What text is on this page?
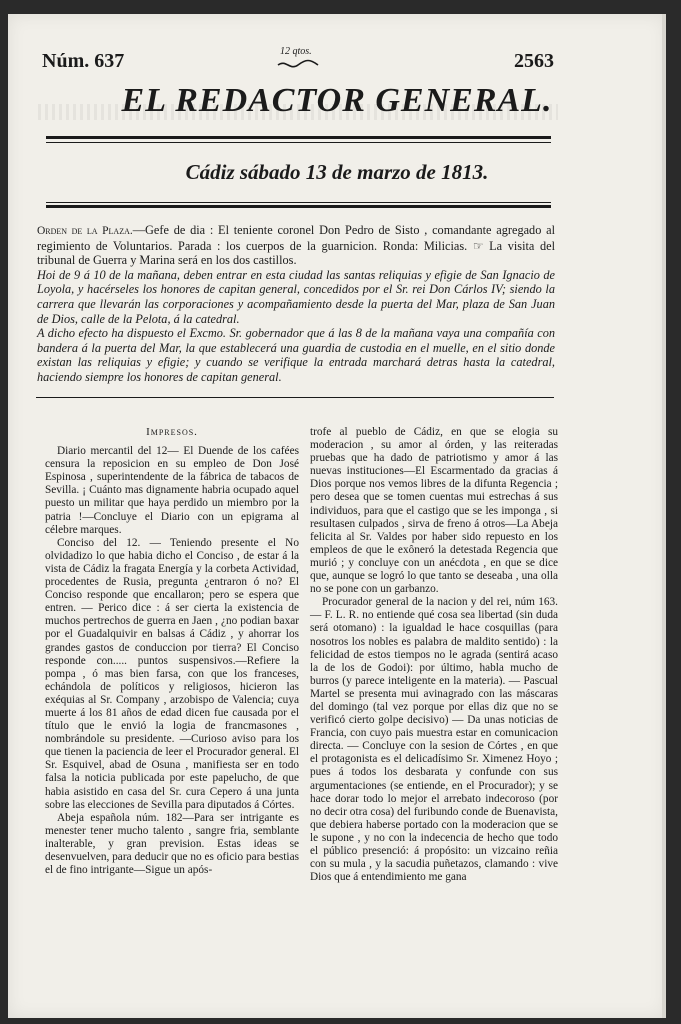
Núm. 637	12 qtos.	2563
EL REDACTOR GENERAL.
Cádiz sábado 13 de marzo de 1813.

Orden de la Plaza.—Gefe de dia : El teniente coronel Don Pedro de Sisto , comandante agregado al regimiento de Voluntarios. Parada : los cuerpos de la guarnicion. Ronda: Milicias. ☞ La visita del tribunal de Guerra y Marina será en los dos castillos.

Hoi de 9 á 10 de la mañana, deben entrar en esta ciudad las santas reliquias y efigie de San Ignacio de Loyola, y hacérseles los honores de capitan general, concedidos por el Sr. rei Don Cárlos IV; siendo la carrera que llevarán las corporaciones y acompañamiento desde la puerta del Mar, plaza de San Juan de Dios, calle de la Pelota, á la catedral.

A dicho efecto ha dispuesto el Excmo. Sr. gobernador que á las 8 de la mañana vaya una compañía con bandera á la puerta del Mar, la que establecerá una guardia de custodia en el muelle, en el sitio donde existan las reliquias y efigie; y cuando se verifique la entrada marchará detras hasta la catedral, haciendo siempre los honores de capitan general.

Impresos.

Diario mercantil del 12— El Duende de los cafées censura la reposicion en su empleo de Don José Espinosa , superintendente de la fábrica de tabacos de Sevilla. ¡ Cuánto mas dignamente habria ocupado aquel puesto un militar que haya perdido un miembro por la patria !—Concluye el Diario con un epigrama al célebre marques.

Conciso del 12. — Teniendo presente el No olvidadizo lo que habia dicho el Conciso , de estar á la vista de Cádiz la fragata Energía y la corbeta Actividad, procedentes de Rusia, pregunta ¿entraron ó no? El Conciso responde que encallaron; pero se espera que entren. — Perico dice : á ser cierta la existencia de muchos pertrechos de guerra en Jaen , ¿no podian baxar por el Guadalquivir en balsas á Cádiz , y ahorrar los grandes gastos de conduccion por tierra? El Conciso responde con..... puntos suspensivos.—Refiere la pompa , ó mas bien farsa, con que los franceses, echándola de políticos y religiosos, hicieron las exéquias al Sr. Company , arzobispo de Valencia; cuya muerte á los 81 años de edad dicen fue causada por el título que le envió la logia de francmasones , nombrándole su presidente. —Curioso aviso para los que tienen la paciencia de leer el Procurador general. El Sr. Esquivel, abad de Osuna , manifiesta ser en todo falsa la noticia publicada por este papelucho, de que habia asistido en casa del Sr. cura Cepero á una junta sobre las elecciones de Sevilla para diputados á Córtes.

Abeja española núm. 182—Para ser intrigante es menester tener mucho talento , sangre fria, semblante inalterable, y gran prevision. Estas ideas se desenvuelven, para deducir que no es oficio para bestias el de fino intrigante—Sigue un após-

trofe al pueblo de Cádiz, en que se elogia su moderacion , su amor al órden, y las reiteradas pruebas que ha dado de patriotismo y amor á las nuevas instituciones—El Escarmentado da gracias á Dios porque nos vemos libres de la difunta Regencia ; pero desea que se tomen cuentas mui estrechas á sus individuos, para que el castigo que se les imponga , si resultasen culpados , sirva de freno á otros—La Abeja felicita al Sr. Valdes por haber sido repuesto en los empleos de que le exôneró la detestada Regencia que murió ; y concluye con un anécdota , en que se dice que, aunque se logró lo que tanto se deseaba , una olla no se pone con un garbanzo.

Procurador general de la nacion y del rei, núm 163.— F. L. R. no entiende qué cosa sea libertad (sin duda será otomano) : la igualdad le hace cosquillas (para nosotros los nobles es palabra de maldito sentido) : la felicidad de estos tiempos no le agrada (sentirá acaso la de los de Godoi): por último, habla mucho de burros (y parece inteligente en la materia). — Pascual Martel se presenta mui avinagrado con las máscaras del domingo (tal vez porque por ellas diz que no se verificó cierto golpe decisivo) — Da unas noticias de Francia, con cuyo pais muestra estar en comunicacion directa. — Concluye con la sesion de Córtes , en que el protagonista es el delicadísimo Sr. Ximenez Hoyo ; pues á todos los desbarata y confunde con sus argumentaciones (se entiende, en el Procurador); y se hace dorar todo lo mejor el arrebato indecoroso (por no decir otra cosa) del furibundo conde de Buenavista, que debiera haberse portado con la moderacion que se le supone , y no con la indecencia de hecho que todo el público presenció: á propósito: un vizcaino reñia con su mula , y la sacudia puñetazos, clamando : vive Dios que á entendimiento me gana
